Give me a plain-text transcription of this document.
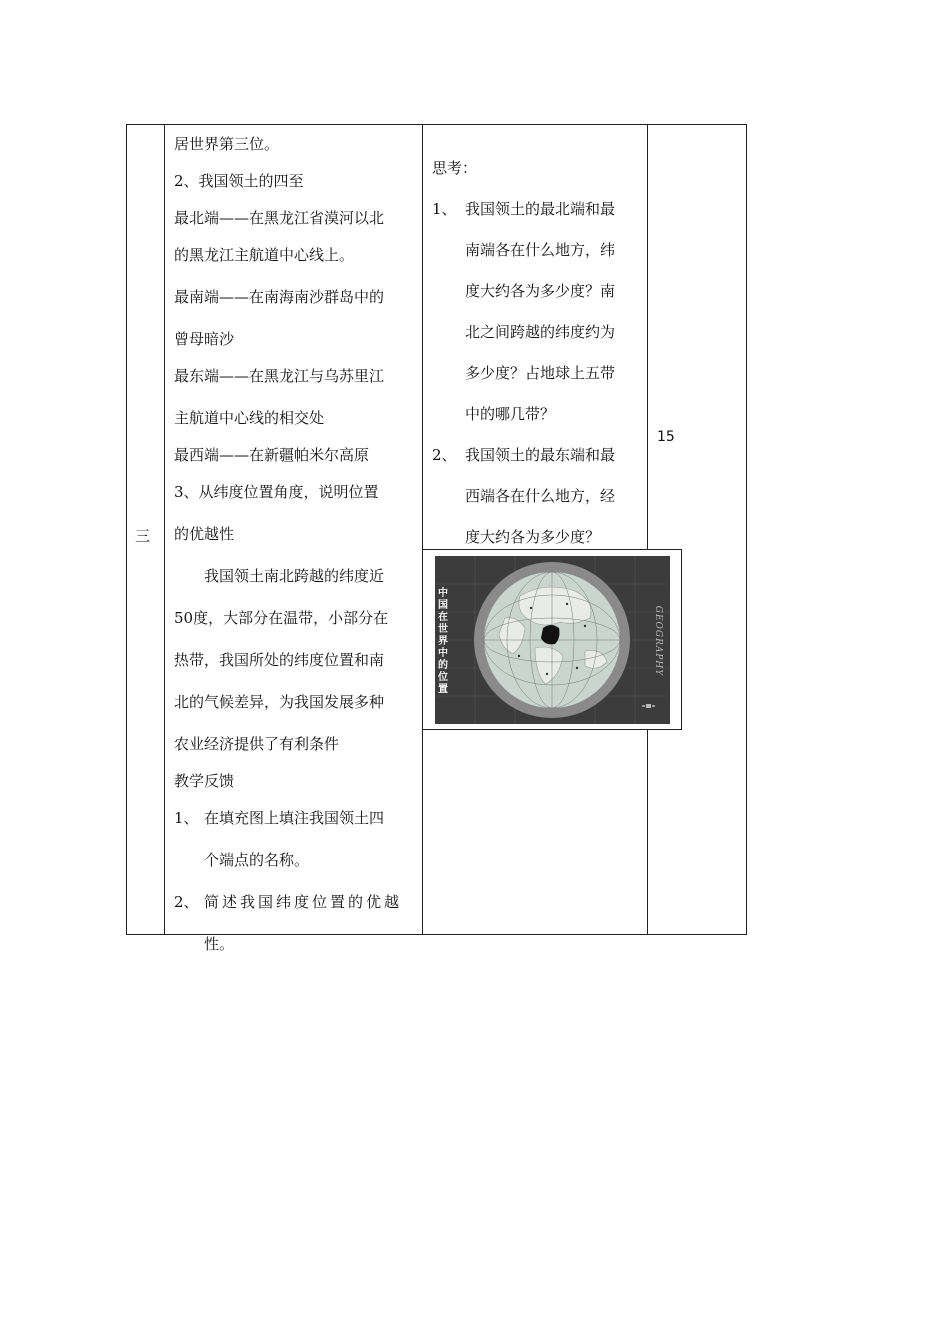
三
居世界第三位。
2、我国领土的四至
最北端——在黑龙江省漠河以北
的黑龙江主航道中心线上。
最南端——在南海南沙群岛中的
曾母暗沙
最东端——在黑龙江与乌苏里江
主航道中心线的相交处
最西端——在新疆帕米尔高原
3、从纬度位置角度，说明位置
的优越性
我国领土南北跨越的纬度近
50度，大部分在温带，小部分在
热带，我国所处的纬度位置和南
北的气候差异，为我国发展多种
农业经济提供了有利条件
教学反馈
1、 在填充图上填注我国领土四
个端点的名称。
2、 简述我国纬度位置的优越
性。
思考：
1、 我国领土的最北端和最
南端各在什么地方，纬
度大约各为多少度？南
北之间跨越的纬度约为
多少度？占地球上五带
中的哪几带？
2、 我国领土的最东端和最
西端各在什么地方，经
度大约各为多少度？
15
中国在世界中的位置
GEOGRAPHY
